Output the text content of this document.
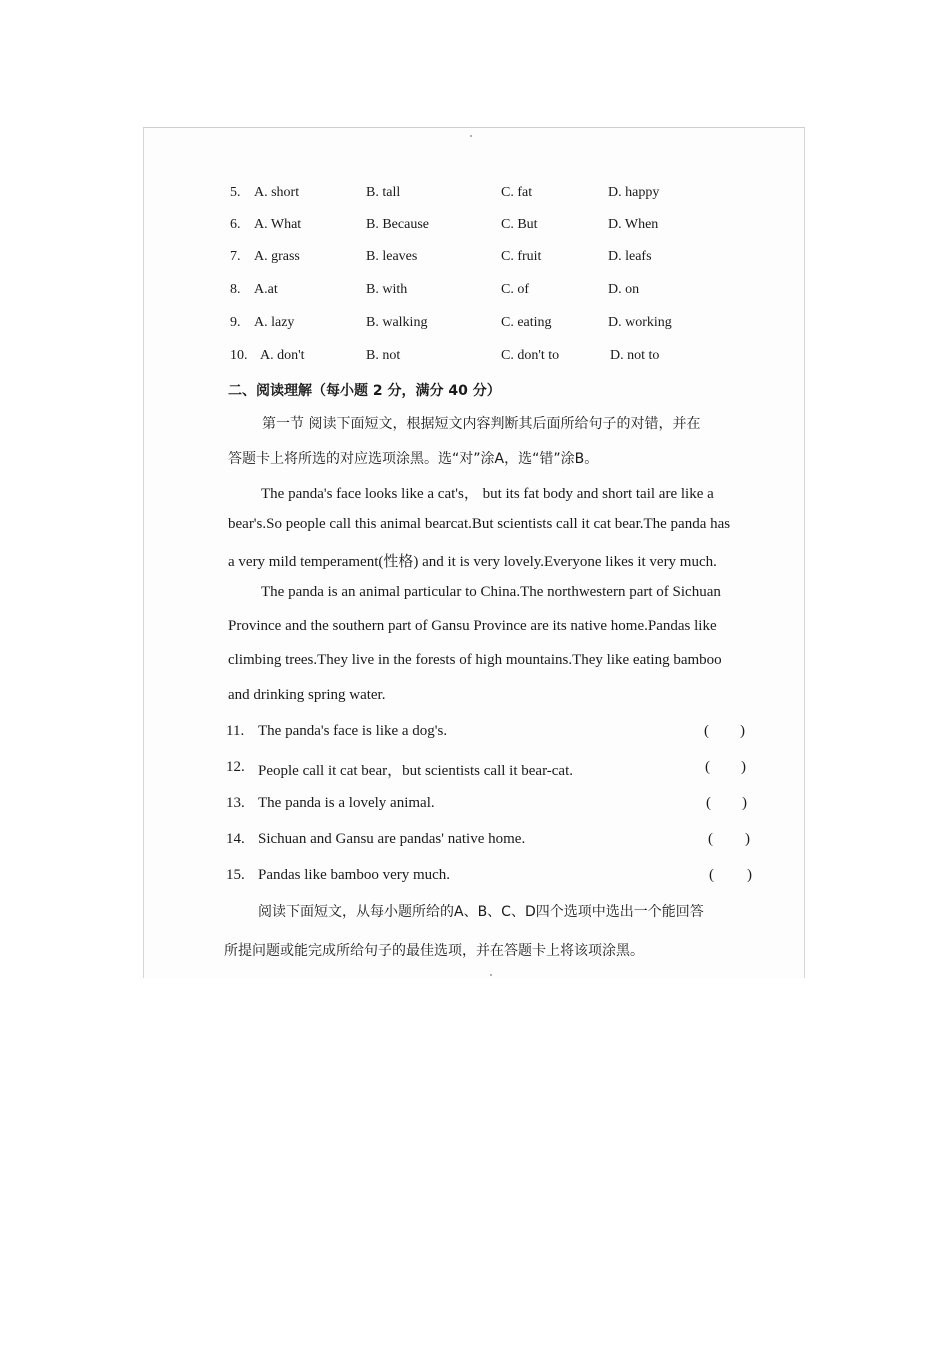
5. A. short	B. tall	C. fat	D. happy
6. A. What	B. Because	C. But	D. When
7. A. grass	B. leaves	C. fruit	D. leafs
8. A.at	B. with	C. of	D. on
9. A. lazy	B. walking	C. eating	D. working
10. A. don't	B. not	C. don't to	D. not to
二、阅读理解（每小题 2 分，满分 40 分）
第一节 阅读下面短文，根据短文内容判断其后面所给句子的对错，并在
答题卡上将所选的对应选项涂黑。选“对”涂A，选“错”涂B。
The panda's face looks like a cat's， but its fat body and short tail are like a
bear's.So people call this animal bearcat.But scientists call it cat bear.The panda has
a very mild temperament(性格) and it is very lovely.Everyone likes it very much.
The panda is an animal particular to China.The northwestern part of Sichuan
Province and the southern part of Gansu Province are its native home.Pandas like
climbing trees.They live in the forests of high mountains.They like eating bamboo
and drinking spring water.
11. The panda's face is like a dog's.	( )
12. People call it cat bear，but scientists call it bear-cat.	( )
13. The panda is a lovely animal.	( )
14. Sichuan and Gansu are pandas' native home.	( )
15. Pandas like bamboo very much.	( )
阅读下面短文，从每小题所给的A、B、C、D四个选项中选出一个能回答
所提问题或能完成所给句子的最佳选项，并在答题卡上将该项涂黑。
